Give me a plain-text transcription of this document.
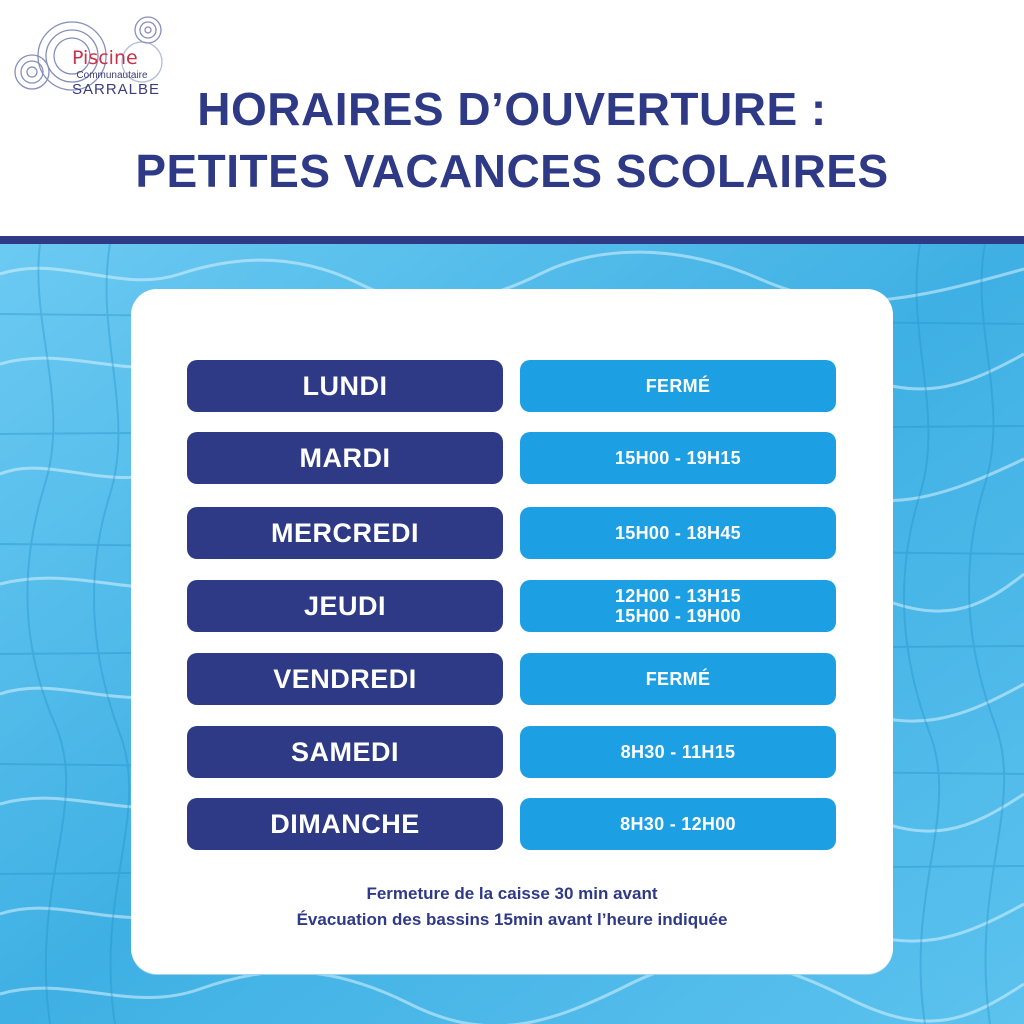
Piscine
Communautaire
SARRALBE HORAIRES D’OUVERTURE :
PETITES VACANCES SCOLAIRES
LUNDI	FERMÉ
MARDI	15H00 - 19H15
MERCREDI	15H00 - 18H45
JEUDI	12H00 - 13H15
15H00 - 19H00
VENDREDI	FERMÉ
SAMEDI	8H30 - 11H15
DIMANCHE	8H30 - 12H00
Fermeture de la caisse 30 min avant
Évacuation des bassins 15min avant l’heure indiquée
